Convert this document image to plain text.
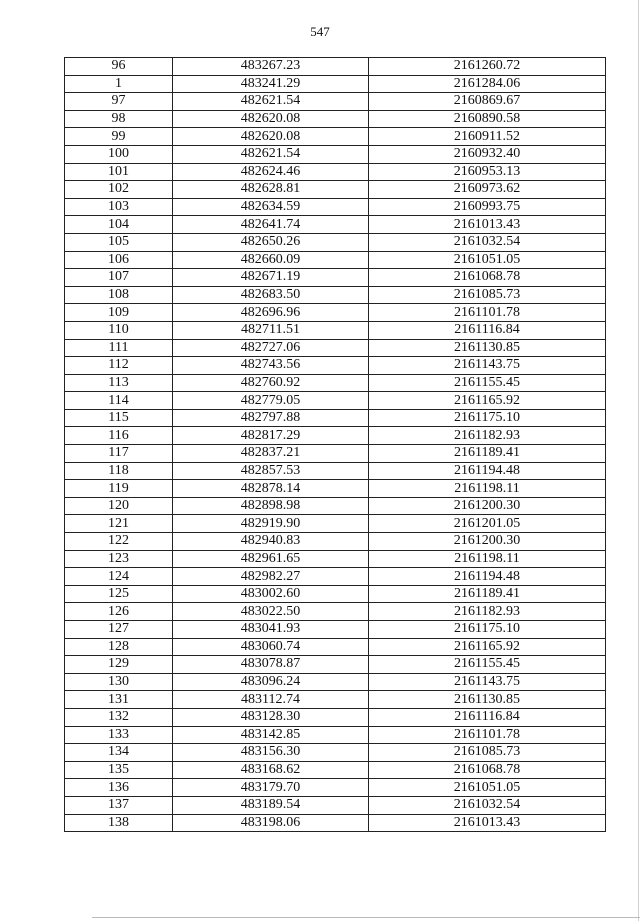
547
96	483267.23	2161260.72
1	483241.29	2161284.06
97	482621.54	2160869.67
98	482620.08	2160890.58
99	482620.08	2160911.52
100	482621.54	2160932.40
101	482624.46	2160953.13
102	482628.81	2160973.62
103	482634.59	2160993.75
104	482641.74	2161013.43
105	482650.26	2161032.54
106	482660.09	2161051.05
107	482671.19	2161068.78
108	482683.50	2161085.73
109	482696.96	2161101.78
110	482711.51	2161116.84
111	482727.06	2161130.85
112	482743.56	2161143.75
113	482760.92	2161155.45
114	482779.05	2161165.92
115	482797.88	2161175.10
116	482817.29	2161182.93
117	482837.21	2161189.41
118	482857.53	2161194.48
119	482878.14	2161198.11
120	482898.98	2161200.30
121	482919.90	2161201.05
122	482940.83	2161200.30
123	482961.65	2161198.11
124	482982.27	2161194.48
125	483002.60	2161189.41
126	483022.50	2161182.93
127	483041.93	2161175.10
128	483060.74	2161165.92
129	483078.87	2161155.45
130	483096.24	2161143.75
131	483112.74	2161130.85
132	483128.30	2161116.84
133	483142.85	2161101.78
134	483156.30	2161085.73
135	483168.62	2161068.78
136	483179.70	2161051.05
137	483189.54	2161032.54
138	483198.06	2161013.43
